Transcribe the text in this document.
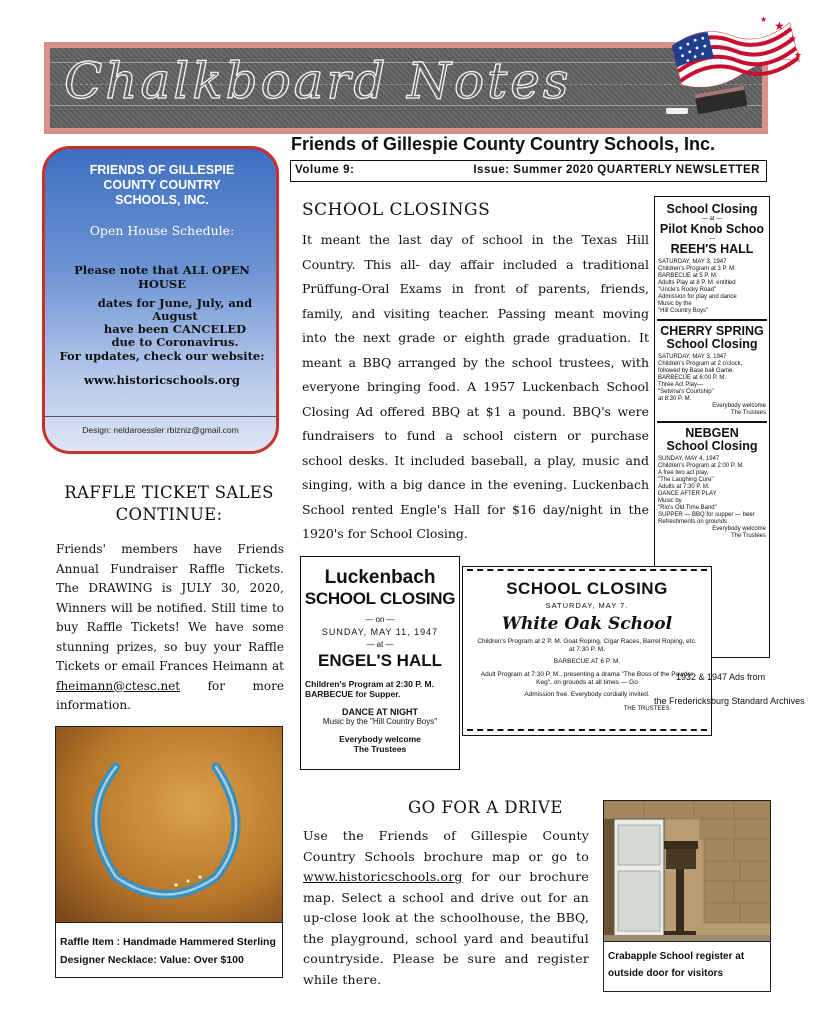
Chalkboard Notes
★
★
★
★
Friends of Gillespie County Country Schools, Inc.
Volume 9:	Issue: Summer 2020 QUARTERLY NEWSLETTER
FRIENDS OF GILLESPIE
COUNTY COUNTRY
SCHOOLS, INC.
Open House Schedule:
Please note that ALL OPEN HOUSE
dates for June, July, and August
have been CANCELED
due to Coronavirus.
For updates, check our website:
www.historicschools.org
Design: neldaroessler rbizniz@gmail.com
RAFFLE TICKET SALES
CONTINUE:
Friends' members have Friends Annual Fundraiser Raffle Tickets. The DRAWING is JULY 30, 2020, Winners will be notified. Still time to buy Raffle Tickets! We have some stunning prizes, so buy your Raffle Tickets or email Frances Heimann at fheimann@ctesc.net for more information.
Raffle Item : Handmade Hammered Sterling
Designer Necklace: Value: Over $100
SCHOOL CLOSINGS
It meant the last day of school in the Texas Hill Country. This all- day affair included a traditional Prüffung-Oral Exams in front of parents, friends, family, and visiting teacher. Passing meant moving into the next grade or eighth grade graduation. It meant a BBQ arranged by the school trustees, with everyone bringing food. A 1957 Luckenbach School Closing Ad offered BBQ at $1 a pound. BBQ's were fundraisers to fund a school cistern or purchase school desks. It included baseball, a play, music and singing, with a big dance in the evening. Luckenbach School rented Engle's Hall for $16 day/night in the 1920's for School Closing.
School Closing
— at —
Pilot Knob Schoo
—
REEH'S HALL
SATURDAY, MAY 3, 1947
Children's Program at 3 P. M.
BARBECUE at 5 P. M.
Adults Play at 8 P. M. entitled
"Uncle's Rocky Road"
Admission for play and dance
Music by the
"Hill Country Boys"
CHERRY SPRING
School Closing
SATURDAY, MAY 3, 1947
Children's Program at 2 o'clock,
followed by Base ball Game.
BARBECUE at 6:00 P. M.
Three Act Play—
"Setvina's Courtship"
at 8:30 P. M.
Everybody welcome
The Trustees
NEBGEN
School Closing
SUNDAY, MAY 4, 1947
Children's Program at 2:00 P. M.
A free two act play,
"The Laughing Cure"
Adults at 7:30 P. M.
DANCE AFTER PLAY
Music by
"Rio's Old Time Band"
SUPPER — BBQ for supper — beer
Refreshments on grounds
Everybody welcome
The Trustees
Luckenbach
SCHOOL CLOSING
— on —
SUNDAY, MAY 11, 1947
— at —
ENGEL'S HALL
Children's Program at 2:30 P. M.
BARBECUE for Supper.
DANCE AT NIGHT
Music by the "Hill Country Boys"
Everybody welcome
The Trustees
SCHOOL CLOSING
SATURDAY, MAY 7.
White Oak School
Children's Program at 2 P. M. Goat Roping, Cigar Races, Barrel Roping, etc. at 7:30 P. M.
BARBECUE AT 6 P. M.
Adult Program at 7:30 P. M., presenting a drama "The Boss of the Powder Keg", on grounds at all times — Go
Admission free. Everybody cordially invited.
THE TRUSTEES.
1932 & 1947 Ads from
the Fredericksburg Standard Archives
GO FOR A DRIVE
Use the Friends of Gillespie County Country Schools brochure map or go to www.historicschools.org for our brochure map. Select a school and drive out for an up-close look at the schoolhouse, the BBQ, the playground, school yard and beautiful countryside. Please be sure and register while there.
Crabapple School register at
outside door for visitors
